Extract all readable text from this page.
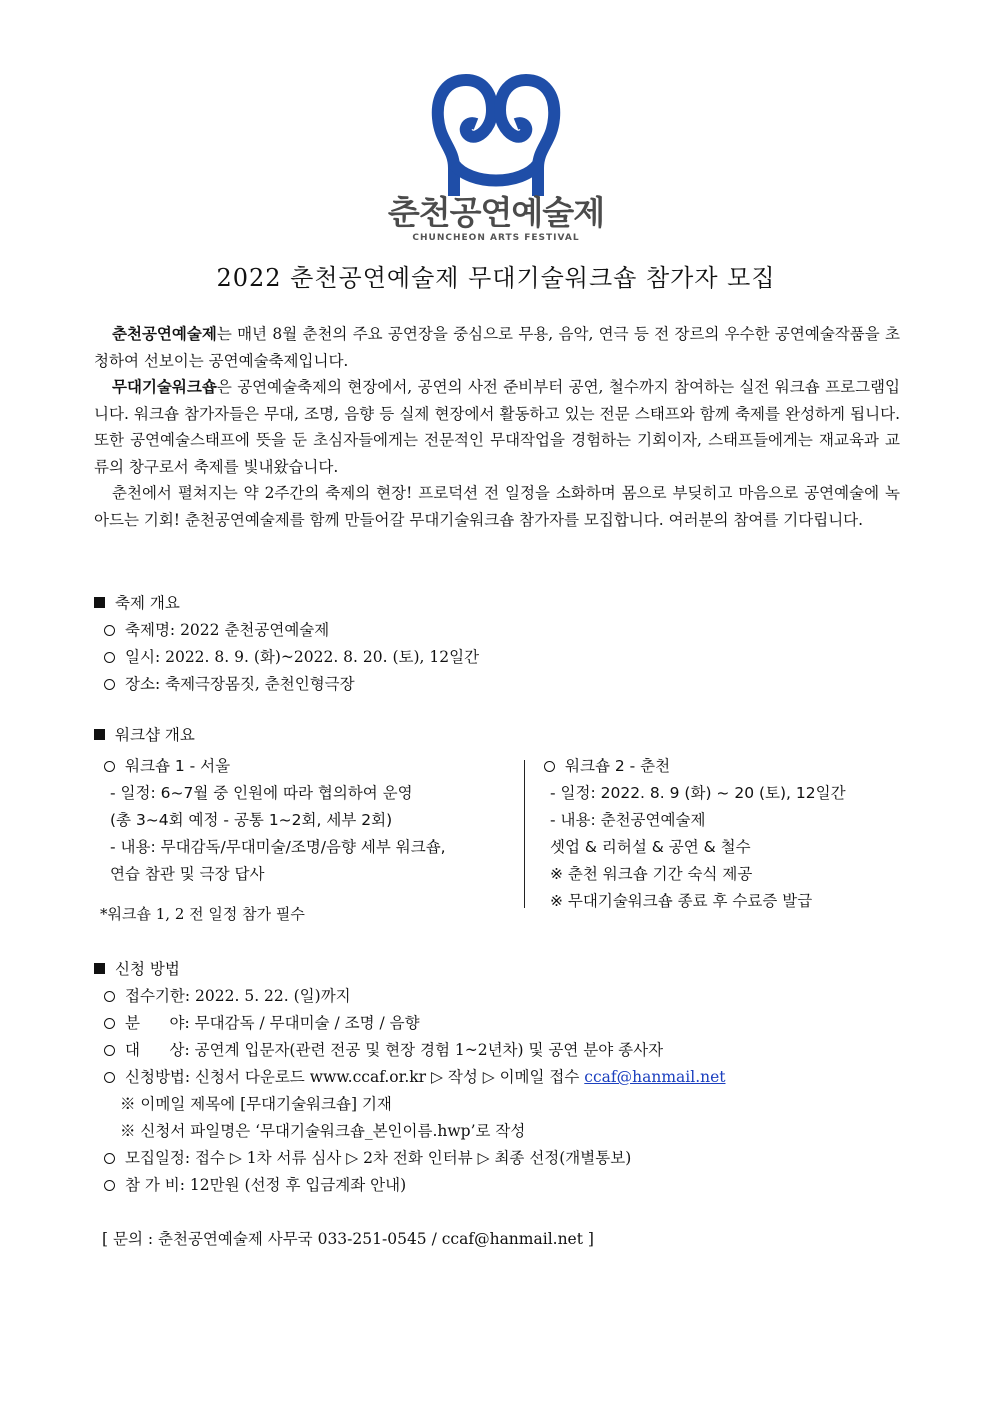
춘천공연예술제
CHUNCHEON ARTS FESTIVAL
2022 춘천공연예술제 무대기술워크숍 참가자 모집

춘천공연예술제는 매년 8월 춘천의 주요 공연장을 중심으로 무용, 음악, 연극 등 전 장르의 우수한 공연예술작품을 초청하여 선보이는 공연예술축제입니다.

무대기술워크숍은 공연예술축제의 현장에서, 공연의 사전 준비부터 공연, 철수까지 참여하는 실전 워크숍 프로그램입니다. 워크숍 참가자들은 무대, 조명, 음향 등 실제 현장에서 활동하고 있는 전문 스태프와 함께 축제를 완성하게 됩니다. 또한 공연예술스태프에 뜻을 둔 초심자들에게는 전문적인 무대작업을 경험하는 기회이자, 스태프들에게는 재교육과 교류의 창구로서 축제를 빛내왔습니다.

춘천에서 펼쳐지는 약 2주간의 축제의 현장! 프로덕션 전 일정을 소화하며 몸으로 부딪히고 마음으로 공연예술에 녹아드는 기회! 춘천공연예술제를 함께 만들어갈 무대기술워크숍 참가자를 모집합니다. 여러분의 참여를 기다립니다.

축제 개요

축제명: 2022 춘천공연예술제

일시: 2022. 8. 9. (화)~2022. 8. 20. (토), 12일간

장소: 축제극장몸짓, 춘천인형극장

워크샵 개요

워크숍 1 - 서울
- 일정: 6~7월 중 인원에 따라 협의하여 운영
(총 3~4회 예정 - 공통 1~2회, 세부 2회)
- 내용: 무대감독/무대미술/조명/음향 세부 워크숍,
연습 참관 및 극장 답사
워크숍 2 - 춘천
- 일정: 2022. 8. 9 (화) ~ 20 (토), 12일간
- 내용: 춘천공연예술제
셋업 & 리허설 & 공연 & 철수
※ 춘천 워크숍 기간 숙식 제공
※ 무대기술워크숍 종료 후 수료증 발급
*워크숍 1, 2 전 일정 참가 필수

신청 방법

접수기한: 2022. 5. 22. (일)까지

분      야: 무대감독 / 무대미술 / 조명 / 음향

대      상: 공연계 입문자(관련 전공 및 현장 경험 1~2년차) 및 공연 분야 종사자

신청방법: 신청서 다운로드 www.ccaf.or.kr ▷ 작성 ▷ 이메일 접수 ccaf@hanmail.net

※ 이메일 제목에 [무대기술워크숍] 기재

※ 신청서 파일명은 ‘무대기술워크숍_본인이름.hwp’로 작성

모집일정: 접수 ▷ 1차 서류 심사 ▷ 2차 전화 인터뷰 ▷ 최종 선정(개별통보)

참 가 비: 12만원 (선정 후 입금계좌 안내)

[ 문의 : 춘천공연예술제 사무국 033-251-0545 / ccaf@hanmail.net ]
